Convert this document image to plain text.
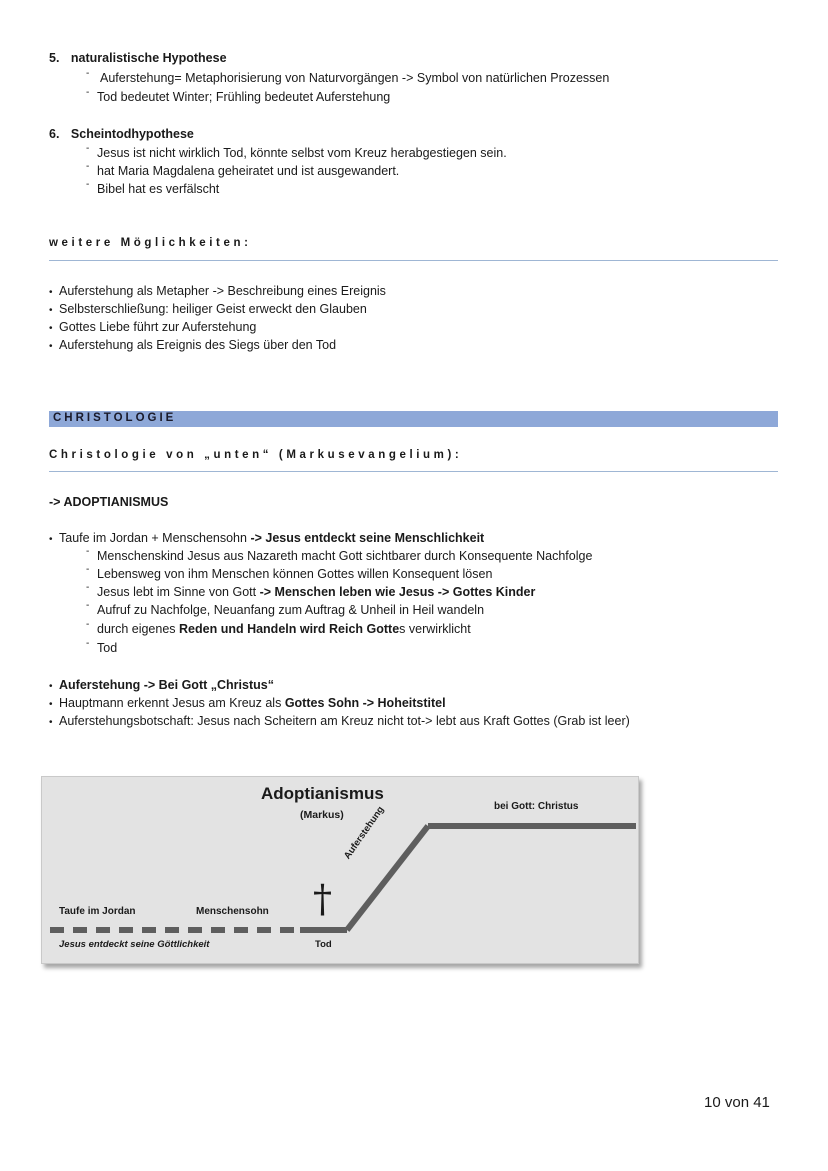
5. naturalistische Hypothese
- Auferstehung= Metaphorisierung von Naturvorgängen -> Symbol von natürlichen Prozessen
- Tod bedeutet Winter; Frühling bedeutet Auferstehung
6. Scheintodhypothese
- Jesus ist nicht wirklich Tod, könnte selbst vom Kreuz herabgestiegen sein.
- hat Maria Magdalena geheiratet und ist ausgewandert.
- Bibel hat es verfälscht
weitere Möglichkeiten:
• Auferstehung als Metapher -> Beschreibung eines Ereignis
• Selbsterschließung: heiliger Geist erweckt den Glauben
• Gottes Liebe führt zur Auferstehung
• Auferstehung als Ereignis des Siegs über den Tod
CHRISTOLOGIE
Christologie von „unten“ (Markusevangelium):
-> ADOPTIANISMUS
• Taufe im Jordan + Menschensohn -> Jesus entdeckt seine Menschlichkeit
- Menschenskind Jesus aus Nazareth macht Gott sichtbarer durch Konsequente Nachfolge
- Lebensweg von ihm Menschen können Gottes willen Konsequent lösen
- Jesus lebt im Sinne von Gott -> Menschen leben wie Jesus -> Gottes Kinder
- Aufruf zu Nachfolge, Neuanfang zum Auftrag & Unheil in Heil wandeln
- durch eigenes Reden und Handeln wird Reich Gottes verwirklicht
- Tod
• Auferstehung -> Bei Gott „Christus“
• Hauptmann erkennt Jesus am Kreuz als Gottes Sohn -> Hoheitstitel
• Auferstehungsbotschaft: Jesus nach Scheitern am Kreuz nicht tot-> lebt aus Kraft Gottes (Grab ist leer)
Adoptianismus
(Markus)
bei Gott: Christus
Auferstehung
Taufe im Jordan	Menschensohn †
Jesus entdeckt seine Göttlichkeit	Tod
10 von 41
